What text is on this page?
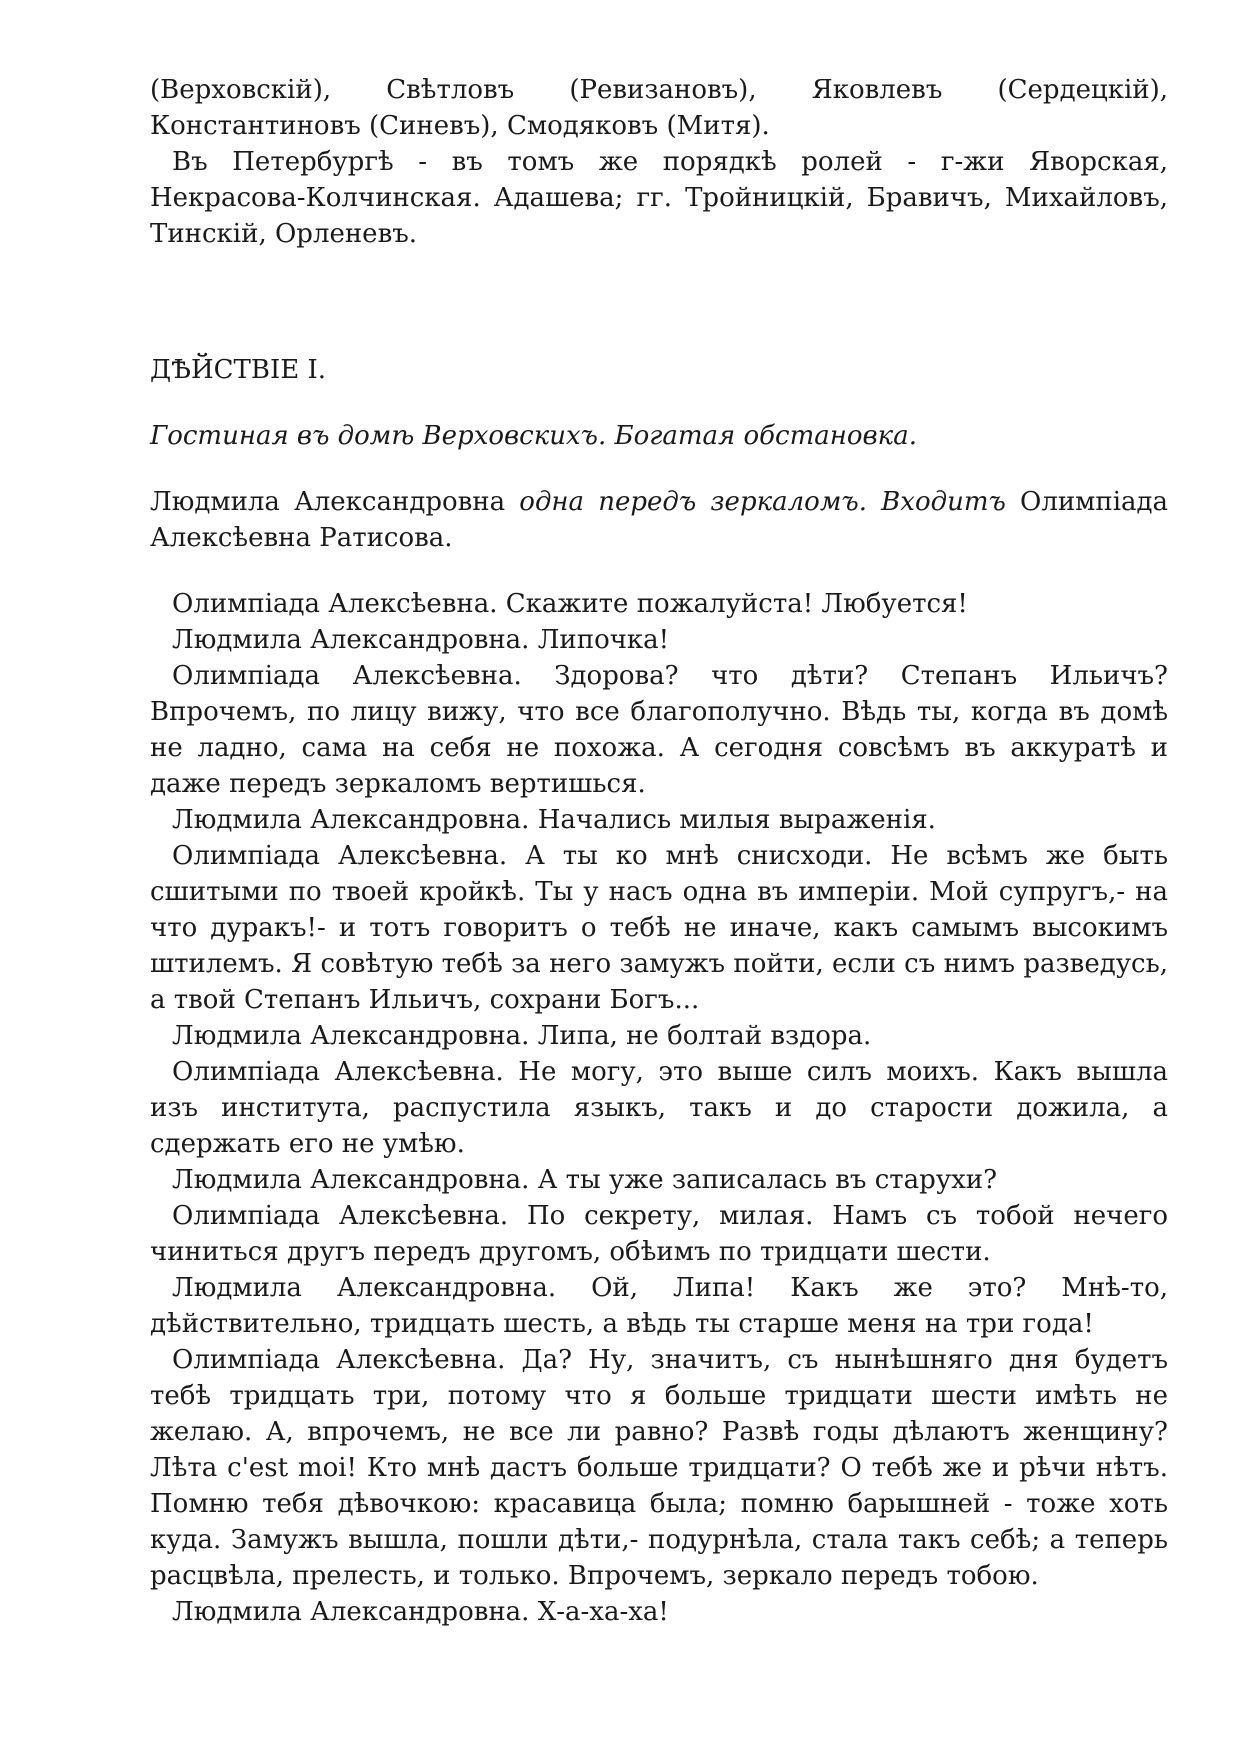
(Верховскій), Свѣтловъ (Ревизановъ), Яковлевъ (Сердецкій), Константиновъ (Синевъ), Смодяковъ (Митя).

Въ Петербургѣ - въ томъ же порядкѣ ролей - г-жи Яворская, Некрасова-Колчинская. Адашева; гг. Тройницкій, Бравичъ, Михайловъ, Тинскій, Орленевъ.

ДѢЙСТВІЕ I.

Гостиная въ домѣ Верховскихъ. Богатая обстановка.

Людмила Александровна одна передъ зеркаломъ. Входитъ Олимпіада Алексѣевна Ратисова.

Олимпіада Алексѣевна. Скажите пожалуйста! Любуется!

Людмила Александровна. Липочка!

Олимпіада Алексѣевна. Здорова? что дѣти? Степанъ Ильичъ? Впрочемъ, по лицу вижу, что все благополучно. Вѣдь ты, когда въ домѣ не ладно, сама на себя не похожа. А сегодня совсѣмъ въ аккуратѣ и даже передъ зеркаломъ вертишься.

Людмила Александровна. Начались милыя выраженія.

Олимпіада Алексѣевна. А ты ко мнѣ снисходи. Не всѣмъ же быть сшитыми по твоей кройкѣ. Ты у насъ одна въ имперіи. Мой супругъ,- на что дуракъ!- и тотъ говоритъ о тебѣ не иначе, какъ самымъ высокимъ штилемъ. Я совѣтую тебѣ за него замужъ пойти, если съ нимъ разведусь, а твой Степанъ Ильичъ, сохрани Богъ...

Людмила Александровна. Липа, не болтай вздора.

Олимпіада Алексѣевна. Не могу, это выше силъ моихъ. Какъ вышла изъ института, распустила языкъ, такъ и до старости дожила, а сдержать его не умѣю.

Людмила Александровна. А ты уже записалась въ старухи?

Олимпіада Алексѣевна. По секрету, милая. Намъ съ тобой нечего чиниться другъ передъ другомъ, обѣимъ по тридцати шести.

Людмила Александровна. Ой, Липа! Какъ же это? Мнѣ-то, дѣйствительно, тридцать шесть, а вѣдь ты старше меня на три года!

Олимпіада Алексѣевна. Да? Ну, значитъ, съ нынѣшняго дня будетъ тебѣ тридцать три, потому что я больше тридцати шести имѣть не желаю. А, впрочемъ, не все ли равно? Развѣ годы дѣлаютъ женщину? Лѣта c'est moi! Кто мнѣ дастъ больше тридцати? О тебѣ же и рѣчи нѣтъ. Помню тебя дѣвочкою: красавица была; помню барышней - тоже хоть куда. Замужъ вышла, пошли дѣти,- подурнѣла, стала такъ себѣ; а теперь расцвѣла, прелесть, и только. Впрочемъ, зеркало передъ тобою.

Людмила Александровна. Х-а-ха-ха!
